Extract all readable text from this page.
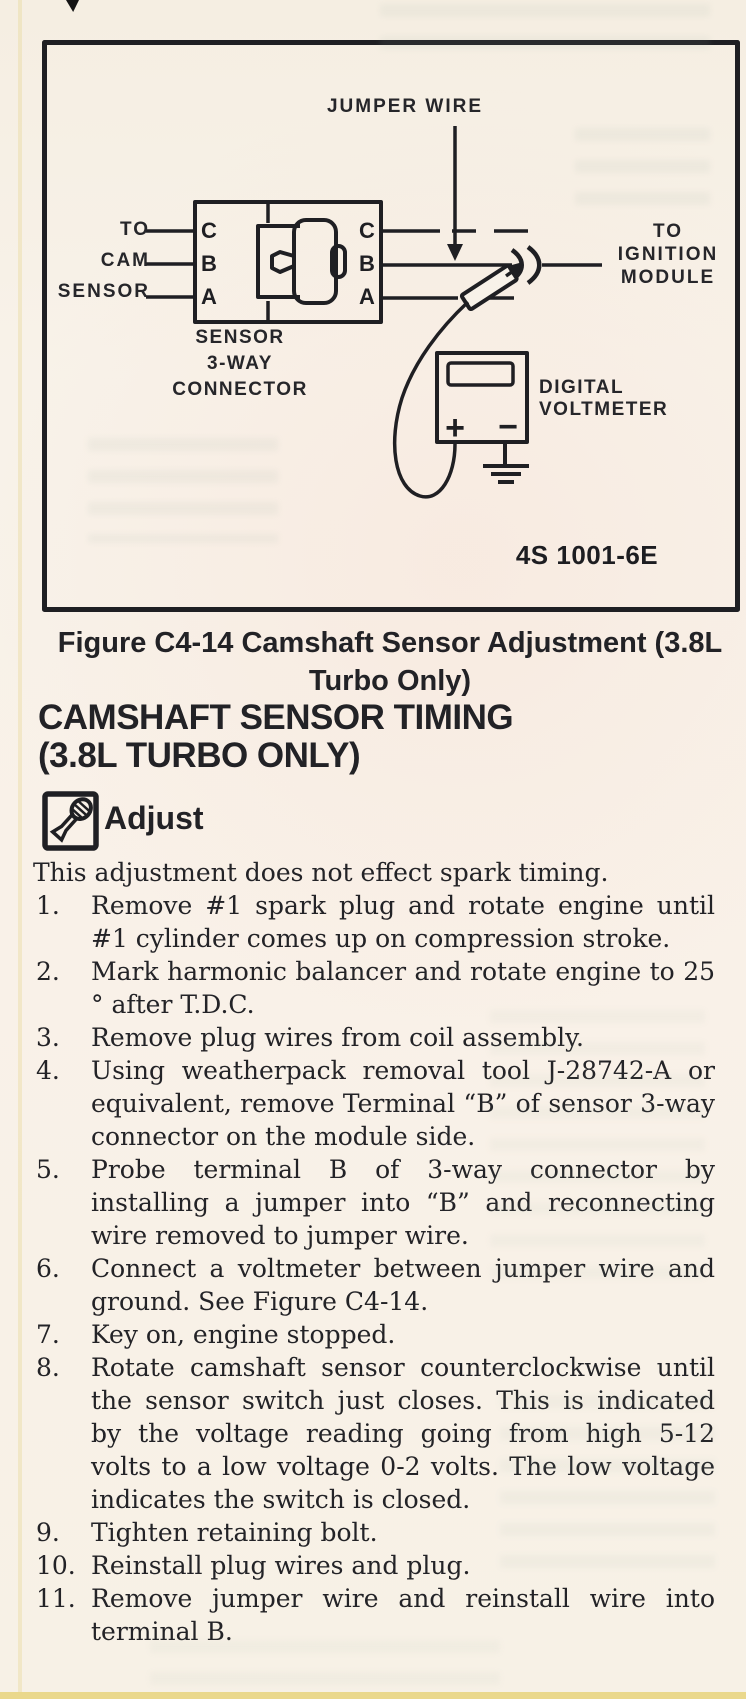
+ −
JUMPER WIRE
TO
CAM
SENSOR
C
B
A
C
B
A
TO
IGNITION
MODULE
SENSOR
3-WAY
CONNECTOR	DIGITAL
VOLTMETER
4S 1001-6E
Figure C4-14 Camshaft Sensor Adjustment (3.8L
Turbo Only)
CAMSHAFT SENSOR TIMING
(3.8L TURBO ONLY)
Adjust
This adjustment does not effect spark timing.
1.	Remove #1 spark plug and rotate engine until #1 cylinder comes up on compression stroke.
2.	Mark harmonic balancer and rotate engine to 25 ° after T.D.C.
3.	Remove plug wires from coil assembly.
4.	Using weatherpack removal tool J-28742-A or equivalent, remove Terminal “B” of sensor 3-way connector on the module side.
5.	Probe terminal B of 3-way connector by installing a jumper into “B” and reconnecting wire removed to jumper wire.
6.	Connect a voltmeter between jumper wire and ground. See Figure C4-14.
7.	Key on, engine stopped.
8.	Rotate camshaft sensor counterclockwise until the sensor switch just closes. This is indicated by the voltage reading going from high 5-12 volts to a low voltage 0-2 volts. The low voltage indicates the switch is closed.
9.	Tighten retaining bolt.
10. Reinstall plug wires and plug.
11. Remove jumper wire and reinstall wire into terminal B.
